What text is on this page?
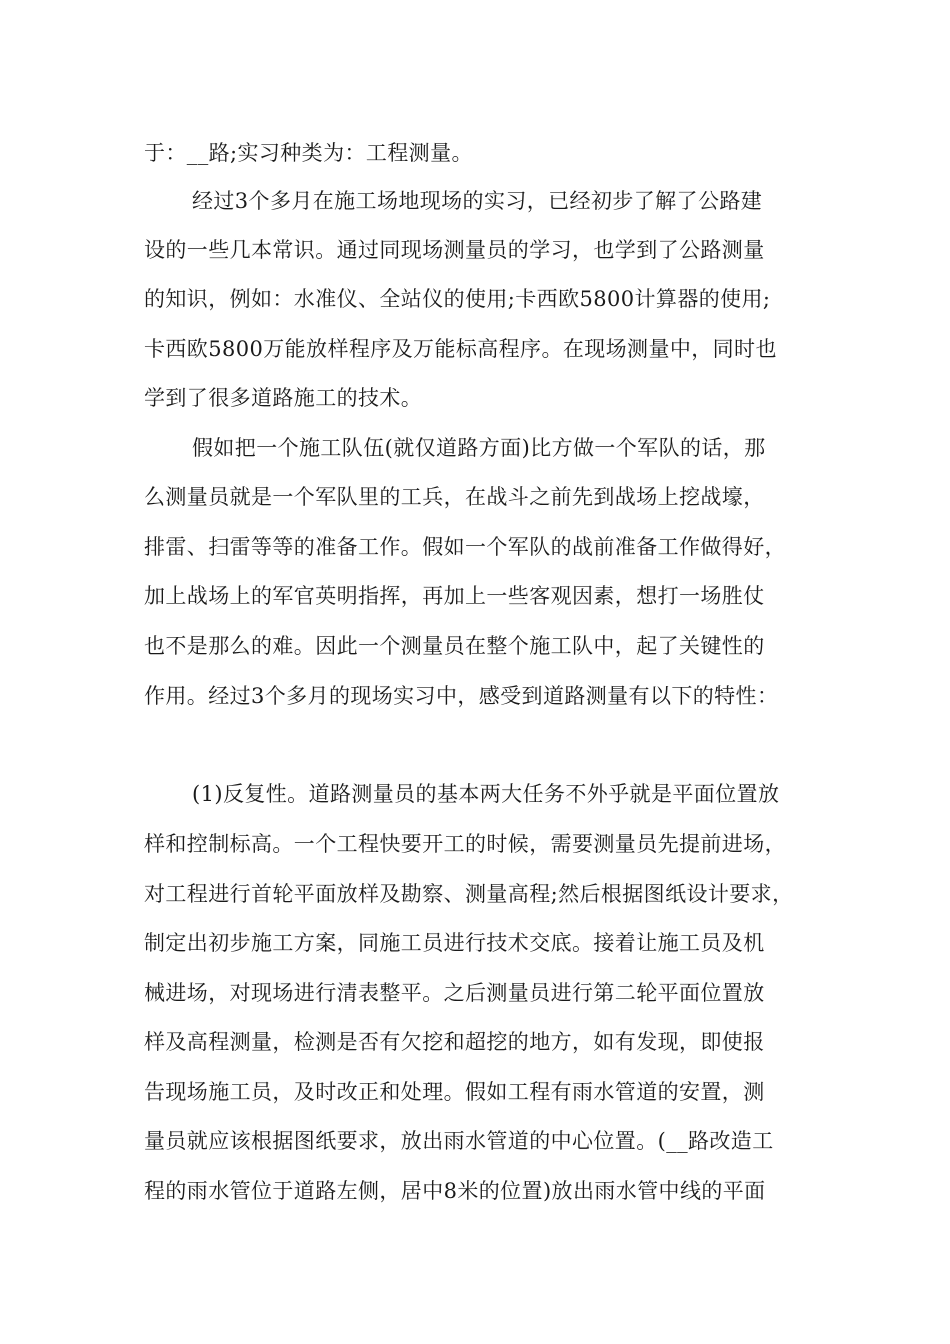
于：__路;实习种类为：工程测量。
经过3个多月在施工场地现场的实习，已经初步了解了公路建
设的一些几本常识。通过同现场测量员的学习，也学到了公路测量
的知识，例如：水准仪、全站仪的使用;卡西欧5800计算器的使用;
卡西欧5800万能放样程序及万能标高程序。在现场测量中，同时也
学到了很多道路施工的技术。
假如把一个施工队伍(就仅道路方面)比方做一个军队的话，那
么测量员就是一个军队里的工兵，在战斗之前先到战场上挖战壕，
排雷、扫雷等等的准备工作。假如一个军队的战前准备工作做得好，
加上战场上的军官英明指挥，再加上一些客观因素，想打一场胜仗
也不是那么的难。因此一个测量员在整个施工队中，起了关键性的
作用。经过3个多月的现场实习中，感受到道路测量有以下的特性：
(1)反复性。道路测量员的基本两大任务不外乎就是平面位置放
样和控制标高。一个工程快要开工的时候，需要测量员先提前进场，
对工程进行首轮平面放样及勘察、测量高程;然后根据图纸设计要求，
制定出初步施工方案，同施工员进行技术交底。接着让施工员及机
械进场，对现场进行清表整平。之后测量员进行第二轮平面位置放
样及高程测量，检测是否有欠挖和超挖的地方，如有发现，即使报
告现场施工员，及时改正和处理。假如工程有雨水管道的安置，测
量员就应该根据图纸要求，放出雨水管道的中心位置。(__路改造工
程的雨水管位于道路左侧，居中8米的位置)放出雨水管中线的平面
